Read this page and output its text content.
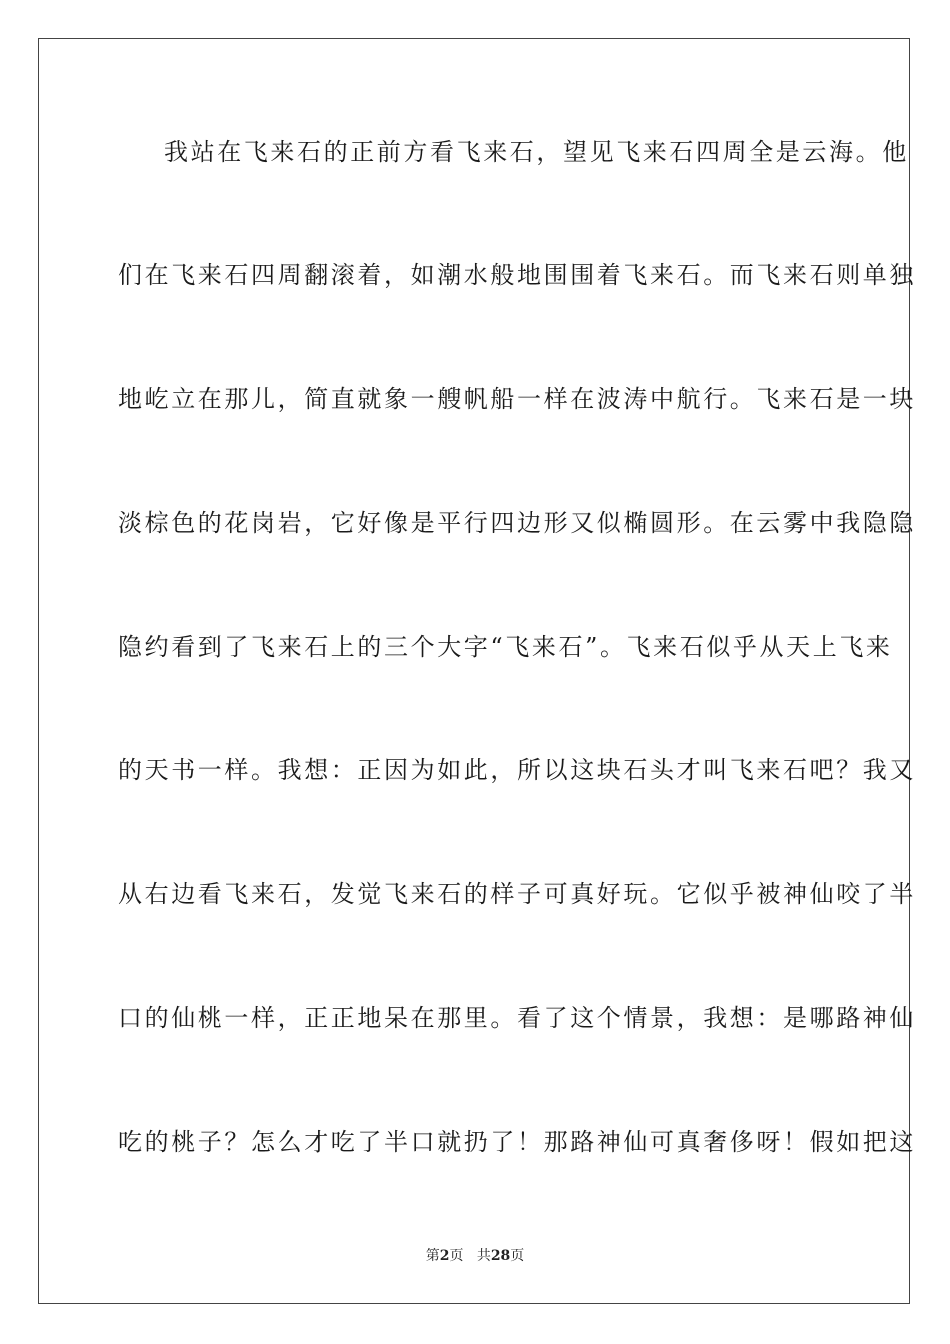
我站在飞来石的正前方看飞来石，望见飞来石四周全是云海。他
们在飞来石四周翻滚着，如潮水般地围围着飞来石。而飞来石则单独
地屹立在那儿，简直就象一艘帆船一样在波涛中航行。飞来石是一块
淡棕色的花岗岩，它好像是平行四边形又似椭圆形。在云雾中我隐隐
隐约看到了飞来石上的三个大字“飞来石”。飞来石似乎从天上飞来
的天书一样。我想：正因为如此，所以这块石头才叫飞来石吧？我又
从右边看飞来石，发觉飞来石的样子可真好玩。它似乎被神仙咬了半
口的仙桃一样，正正地呆在那里。看了这个情景，我想：是哪路神仙
吃的桃子？怎么才吃了半口就扔了！那路神仙可真奢侈呀！假如把这
第2页 共28页
